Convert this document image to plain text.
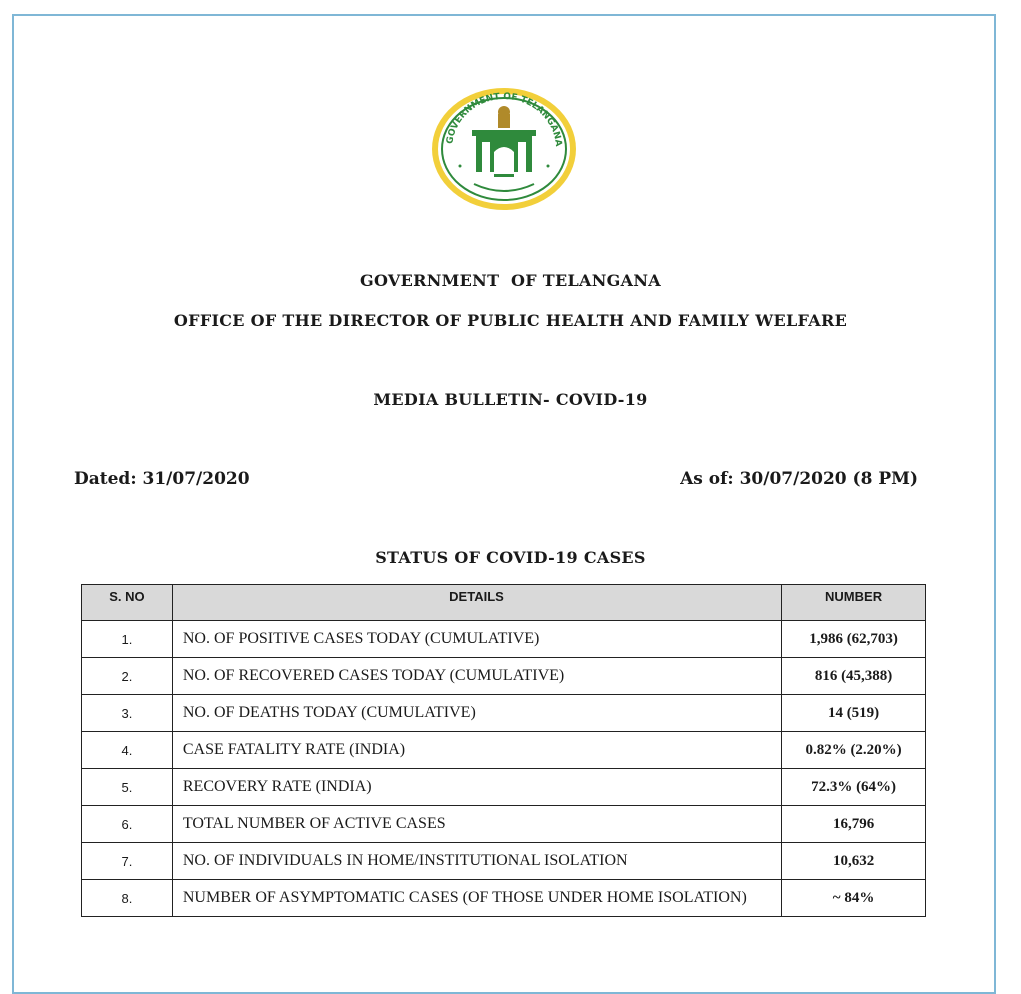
GOVERNMENT OF TELANGANA
GOVERNMENT  OF TELANGANA
OFFICE OF THE DIRECTOR OF PUBLIC HEALTH AND FAMILY WELFARE
MEDIA BULLETIN- COVID-19
Dated: 31/07/2020	As of: 30/07/2020 (8 PM)
STATUS OF COVID-19 CASES
S. NO	DETAILS	NUMBER
1.	NO. OF POSITIVE CASES TODAY (CUMULATIVE)	1,986 (62,703)
2.	NO. OF RECOVERED CASES TODAY (CUMULATIVE)	816 (45,388)
3.	NO. OF DEATHS TODAY (CUMULATIVE)	14 (519)
4.	CASE FATALITY RATE (INDIA)	0.82% (2.20%)
5.	RECOVERY RATE (INDIA)	72.3% (64%)
6.	TOTAL NUMBER OF ACTIVE CASES	16,796
7.	NO. OF INDIVIDUALS IN HOME/INSTITUTIONAL ISOLATION	10,632
8.	NUMBER OF ASYMPTOMATIC CASES (OF THOSE UNDER HOME ISOLATION)	~ 84%
